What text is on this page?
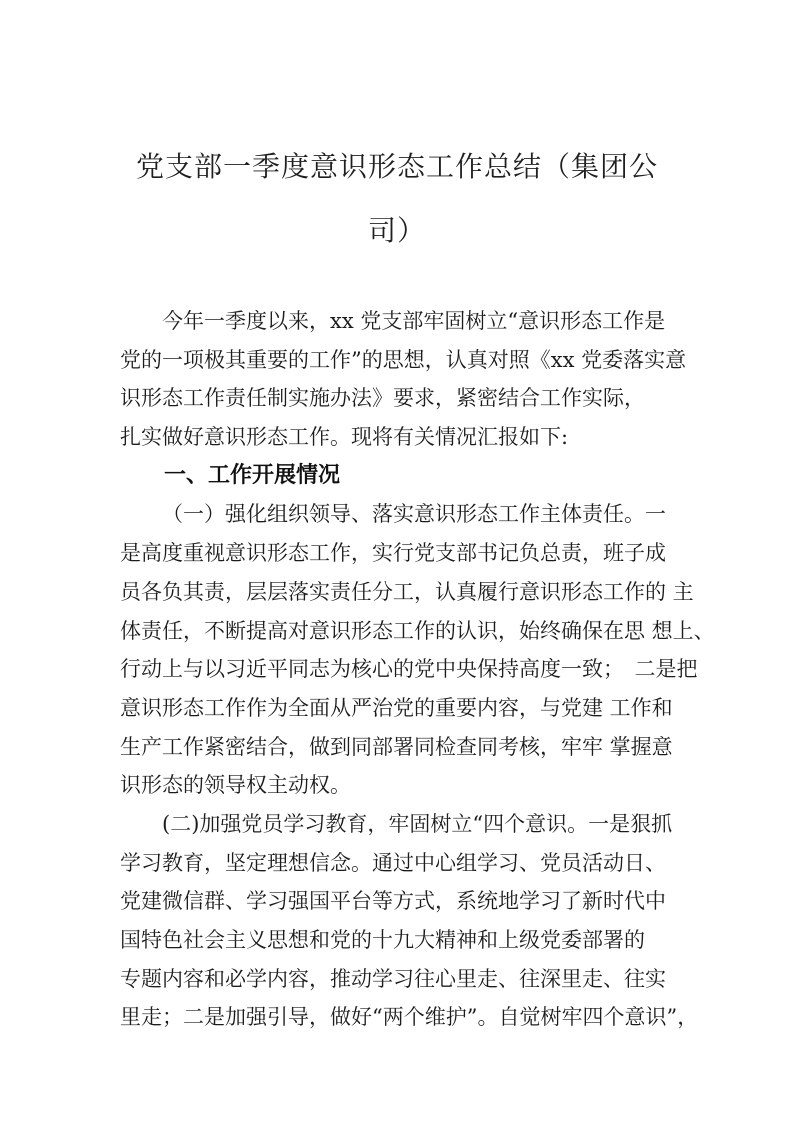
党支部一季度意识形态工作总结（集团公
司）
今年一季度以来，xx 党支部牢固树立“意识形态工作是
党的一项极其重要的工作”的思想，认真对照《xx 党委落实意
识形态工作责任制实施办法》要求，紧密结合工作实际，
扎实做好意识形态工作。现将有关情况汇报如下:
一、工作开展情况
（一）强化组织领导、落实意识形态工作主体责任。一
是高度重视意识形态工作，实行党支部书记负总责，班子成
员各负其责，层层落实责任分工，认真履行意识形态工作的 主
体责任，不断提高对意识形态工作的认识，始终确保在思 想上、
行动上与以习近平同志为核心的党中央保持高度一致；　二是把
意识形态工作作为全面从严治党的重要内容，与党建 工作和
生产工作紧密结合，做到同部署同检查同考核，牢牢 掌握意
识形态的领导权主动权。
(二)加强党员学习教育，牢固树立“四个意识。一是狠抓
学习教育，坚定理想信念。通过中心组学习、党员活动日、
党建微信群、学习强国平台等方式，系统地学习了新时代中
国特色社会主义思想和党的十九大精神和上级党委部署的
专题内容和必学内容，推动学习往心里走、往深里走、往实
里走；二是加强引导，做好“两个维护”。自觉树牢四个意识”，
